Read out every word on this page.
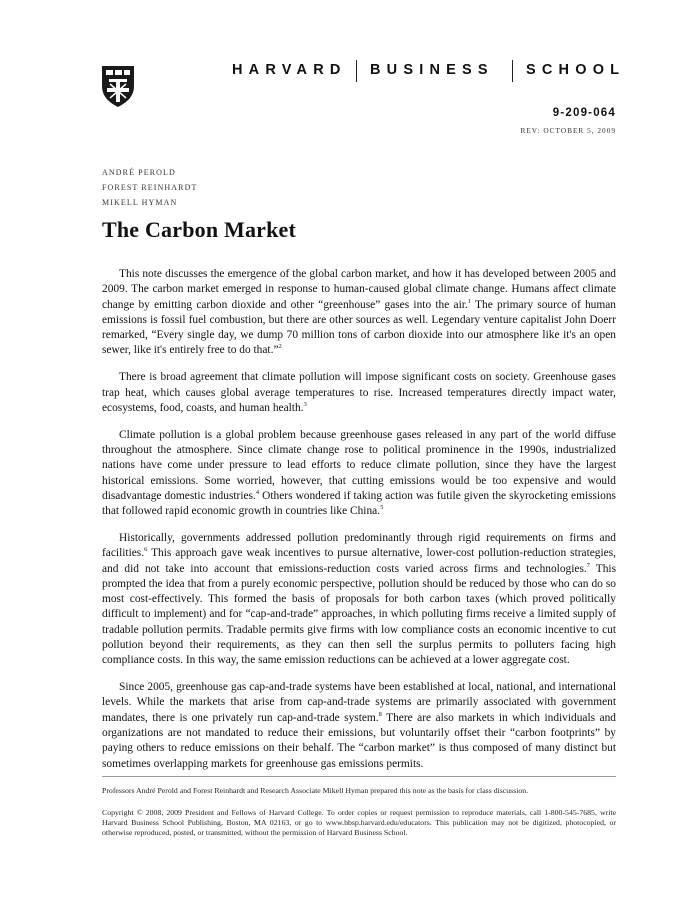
HARVARD BUSINESS SCHOOL
9-209-064
REV: OCTOBER 5, 2009
ANDRÉ PEROLD
FOREST REINHARDT
MIKELL HYMAN
The Carbon Market

This note discusses the emergence of the global carbon market, and how it has developed between 2005 and 2009. The carbon market emerged in response to human-caused global climate change. Humans affect climate change by emitting carbon dioxide and other “greenhouse” gases into the air.$^1$ The primary source of human emissions is fossil fuel combustion, but there are other sources as well. Legendary venture capitalist John Doerr remarked, “Every single day, we dump 70 million tons of carbon dioxide into our atmosphere like it's an open sewer, like it's entirely free to do that.”$^2$

There is broad agreement that climate pollution will impose significant costs on society. Greenhouse gases trap heat, which causes global average temperatures to rise. Increased temperatures directly impact water, ecosystems, food, coasts, and human health.$^3$

Climate pollution is a global problem because greenhouse gases released in any part of the world diffuse throughout the atmosphere. Since climate change rose to political prominence in the 1990s, industrialized nations have come under pressure to lead efforts to reduce climate pollution, since they have the largest historical emissions. Some worried, however, that cutting emissions would be too expensive and would disadvantage domestic industries.$^4$ Others wondered if taking action was futile given the skyrocketing emissions that followed rapid economic growth in countries like China.$^5$

Historically, governments addressed pollution predominantly through rigid requirements on firms and facilities.$^6$ This approach gave weak incentives to pursue alternative, lower-cost pollution-reduction strategies, and did not take into account that emissions-reduction costs varied across firms and technologies.$^7$ This prompted the idea that from a purely economic perspective, pollution should be reduced by those who can do so most cost-effectively. This formed the basis of proposals for both carbon taxes (which proved politically difficult to implement) and for “cap-and-trade” approaches, in which polluting firms receive a limited supply of tradable pollution permits. Tradable permits give firms with low compliance costs an economic incentive to cut pollution beyond their requirements, as they can then sell the surplus permits to polluters facing high compliance costs. In this way, the same emission reductions can be achieved at a lower aggregate cost.

Since 2005, greenhouse gas cap-and-trade systems have been established at local, national, and international levels. While the markets that arise from cap-and-trade systems are primarily associated with government mandates, there is one privately run cap-and-trade system.$^8$ There are also markets in which individuals and organizations are not mandated to reduce their emissions, but voluntarily offset their “carbon footprints” by paying others to reduce emissions on their behalf. The “carbon market” is thus composed of many distinct but sometimes overlapping markets for greenhouse gas emissions permits.

Professors André Perold and Forest Reinhardt and Research Associate Mikell Hyman prepared this note as the basis for class discussion.
Copyright © 2008, 2009 President and Fellows of Harvard College. To order copies or request permission to reproduce materials, call 1-800-545-7685, write Harvard Business School Publishing, Boston, MA 02163, or go to www.hbsp.harvard.edu/educators. This publication may not be digitized, photocopied, or otherwise reproduced, posted, or transmitted, without the permission of Harvard Business School.
